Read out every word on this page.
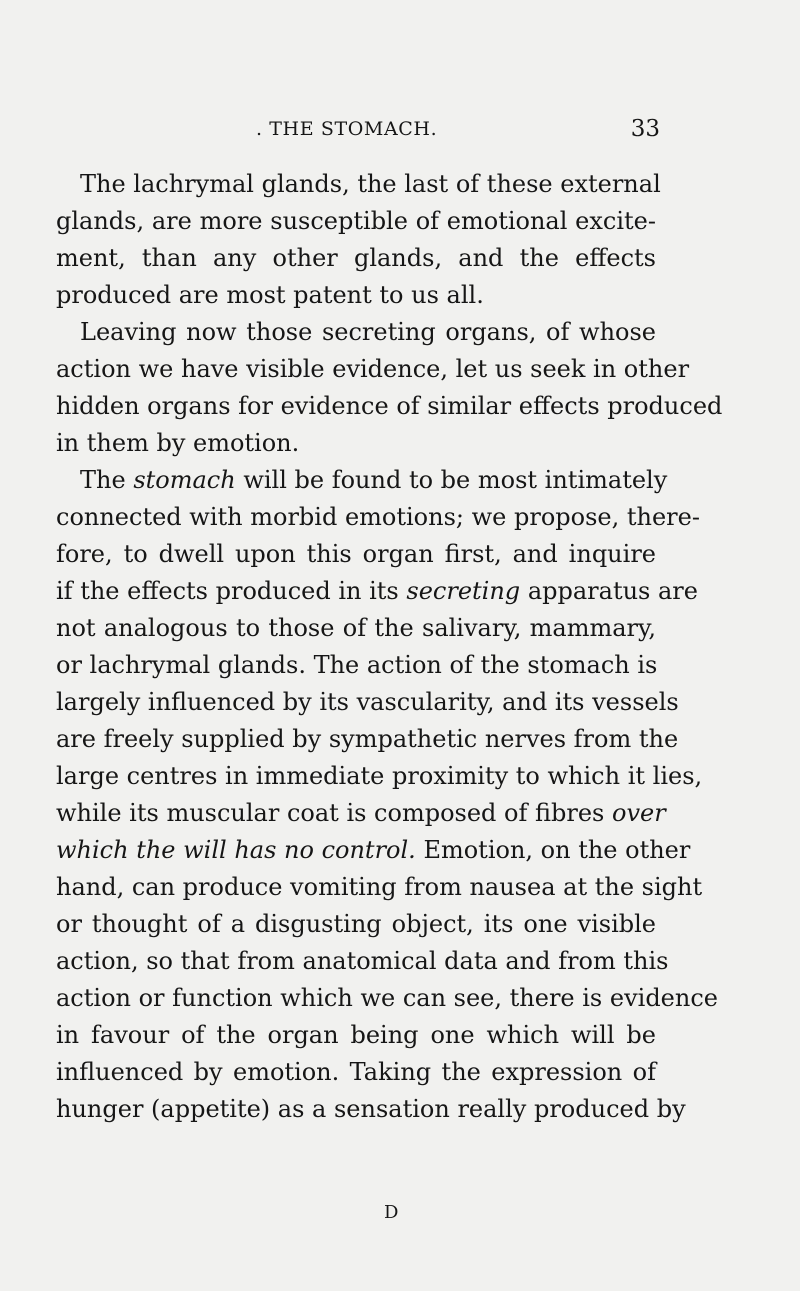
. THE STOMACH.	33
The lachrymal glands, the last of these external
glands, are more susceptible of emotional excite-
ment, than any other glands, and the effects
produced are most patent to us all.
Leaving now those secreting organs, of whose
action we have visible evidence, let us seek in other
hidden organs for evidence of similar effects produced
in them by emotion.
The stomach will be found to be most intimately
connected with morbid emotions; we propose, there-
fore, to dwell upon this organ first, and inquire
if the effects produced in its secreting apparatus are
not analogous to those of the salivary, mammary,
or lachrymal glands. The action of the stomach is
largely influenced by its vascularity, and its vessels
are freely supplied by sympathetic nerves from the
large centres in immediate proximity to which it lies,
while its muscular coat is composed of fibres over
which the will has no control. Emotion, on the other
hand, can produce vomiting from nausea at the sight
or thought of a disgusting object, its one visible
action, so that from anatomical data and from this
action or function which we can see, there is evidence
in favour of the organ being one which will be
influenced by emotion. Taking the expression of
hunger (appetite) as a sensation really produced by
D
